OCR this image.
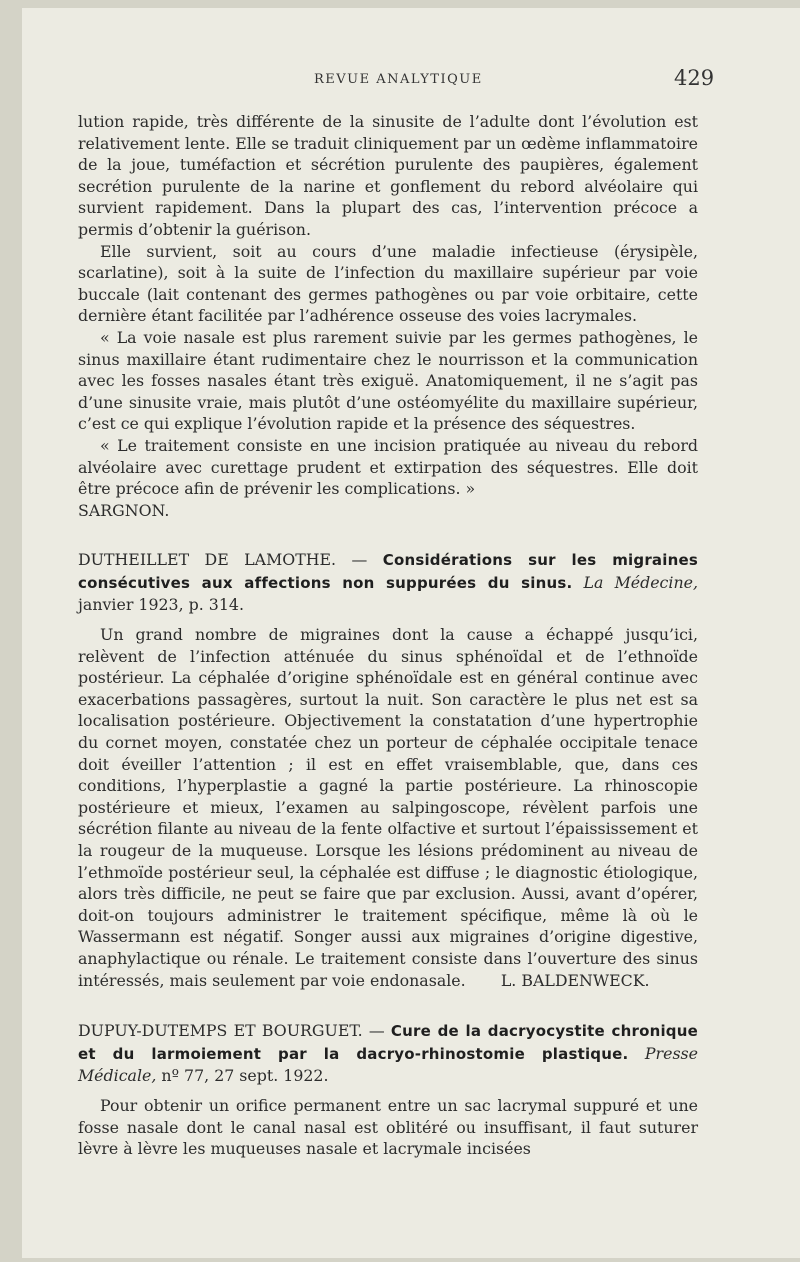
REVUE ANALYTIQUE	429

lution rapide, très différente de la sinusite de l’adulte dont l’évolution est relativement lente. Elle se traduit cliniquement par un œdème inflammatoire de la joue, tuméfaction et sécrétion purulente des paupières, également secrétion purulente de la narine et gonflement du rebord alvéolaire qui survient rapidement. Dans la plupart des cas, l’intervention précoce a permis d’obtenir la guérison.

Elle survient, soit au cours d’une maladie infectieuse (érysipèle, scarlatine), soit à la suite de l’infection du maxillaire supérieur par voie buccale (lait contenant des germes pathogènes ou par voie orbitaire, cette dernière étant facilitée par l’adhérence osseuse des voies lacrymales.

« La voie nasale est plus rarement suivie par les germes pathogènes, le sinus maxillaire étant rudimentaire chez le nourrisson et la communication avec les fosses nasales étant très exiguë. Anatomiquement, il ne s’agit pas d’une sinusite vraie, mais plutôt d’une ostéomyélite du maxillaire supérieur, c’est ce qui explique l’évolution rapide et la présence des séquestres.

« Le traitement consiste en une incision pratiquée au niveau du rebord alvéolaire avec curettage prudent et extirpation des séquestres. Elle doit être précoce afin de prévenir les complications. »

SARGNON.

DUTHEILLET DE LAMOTHE. — Considérations sur les migraines consécutives aux affections non suppurées du sinus. La Médecine, janvier 1923, p. 314.

Un grand nombre de migraines dont la cause a échappé jusqu’ici, relèvent de l’infection atténuée du sinus sphénoïdal et de l’ethnoïde postérieur. La céphalée d’origine sphénoïdale est en général continue avec exacerbations passagères, surtout la nuit. Son caractère le plus net est sa localisation postérieure. Objectivement la constatation d’une hypertrophie du cornet moyen, constatée chez un porteur de céphalée occipitale tenace doit éveiller l’attention ; il est en effet vraisemblable, que, dans ces conditions, l’hyperplastie a gagné la partie postérieure. La rhinoscopie postérieure et mieux, l’examen au salpingoscope, révèlent parfois une sécrétion filante au niveau de la fente olfactive et surtout l’épaississement et la rougeur de la muqueuse. Lorsque les lésions prédominent au niveau de l’ethmoïde postérieur seul, la céphalée est diffuse ; le diagnostic étiologique, alors très difficile, ne peut se faire que par exclusion. Aussi, avant d’opérer, doit-on toujours administrer le traitement spécifique, même là où le Wassermann est négatif. Songer aussi aux migraines d’origine digestive, anaphylactique ou rénale. Le traitement consiste dans l’ouverture des sinus intéressés, mais seulement par voie endonasale. L. BALDENWECK.

DUPUY-DUTEMPS ET BOURGUET. — Cure de la dacryocystite chronique et du larmoiement par la dacryo-rhinostomie plastique. Presse Médicale, nº 77, 27 sept. 1922.

Pour obtenir un orifice permanent entre un sac lacrymal suppuré et une fosse nasale dont le canal nasal est oblitéré ou insuffisant, il faut suturer lèvre à lèvre les muqueuses nasale et lacrymale incisées
